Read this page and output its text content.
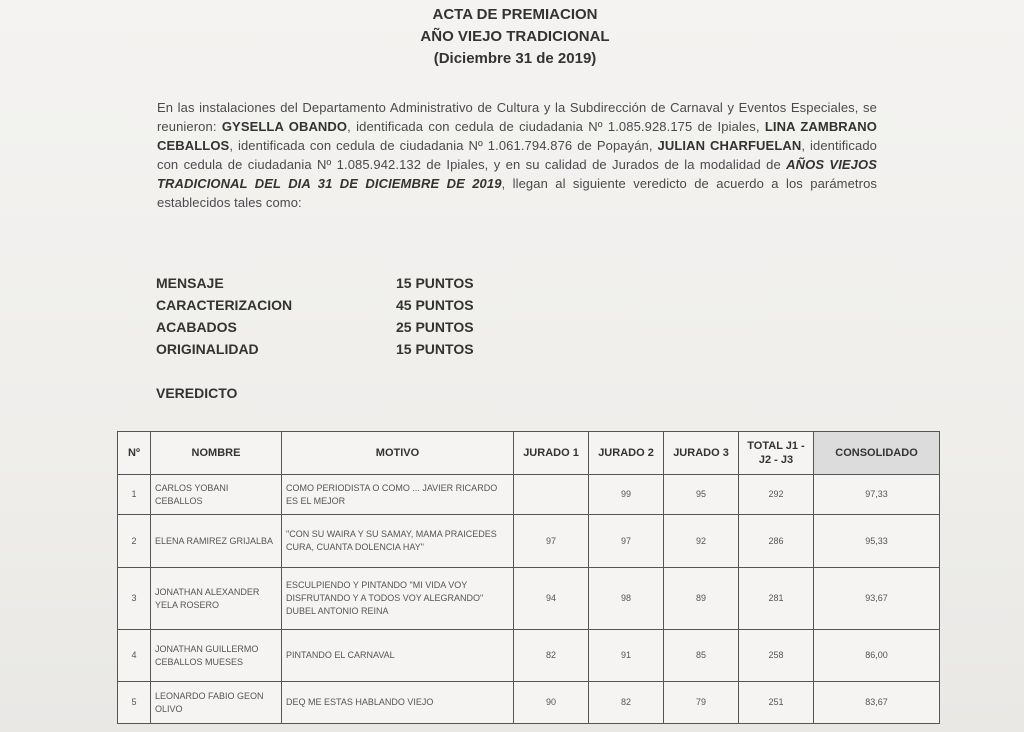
ACTA DE PREMIACION
AÑO VIEJO TRADICIONAL
(Diciembre 31 de 2019)
En las instalaciones del Departamento Administrativo de Cultura y la Subdirección de Carnaval y Eventos Especiales, se reunieron: GYSELLA OBANDO, identificada con cedula de ciudadania Nº 1.085.928.175 de Ipiales, LINA ZAMBRANO CEBALLOS, identificada con cedula de ciudadania Nº 1.061.794.876 de Popayán, JULIAN CHARFUELAN, identificado con cedula de ciudadania Nº 1.085.942.132 de Ipiales, y en su calidad de Jurados de la modalidad de AÑOS VIEJOS TRADICIONAL DEL DIA 31 DE DICIEMBRE DE 2019, llegan al siguiente veredicto de acuerdo a los parámetros establecidos tales como:
MENSAJE	15 PUNTOS
CARACTERIZACION	45 PUNTOS
ACABADOS	25 PUNTOS
ORIGINALIDAD	15 PUNTOS
VEREDICTO
Nº	NOMBRE	MOTIVO	JURADO 1	JURADO 2	JURADO 3	TOTAL J1 - J2 - J3	CONSOLIDADO
1	CARLOS YOBANI CEBALLOS	COMO PERIODISTA O COMO ... JAVIER RICARDO ES EL MEJOR		99	95	292	97,33
2	ELENA RAMIREZ GRIJALBA	"CON SU WAIRA Y SU SAMAY, MAMA PRAICEDES CURA, CUANTA DOLENCIA HAY"	97	97	92	286	95,33
3	JONATHAN ALEXANDER YELA ROSERO	ESCULPIENDO Y PINTANDO "MI VIDA VOY DISFRUTANDO Y A TODOS VOY ALEGRANDO" DUBEL ANTONIO REINA	94	98	89	281	93,67
4	JONATHAN GUILLERMO CEBALLOS MUESES	PINTANDO EL CARNAVAL	82	91	85	258	86,00
5	LEONARDO FABIO GEON OLIVO	DEQ ME ESTAS HABLANDO VIEJO	90	82	79	251	83,67
